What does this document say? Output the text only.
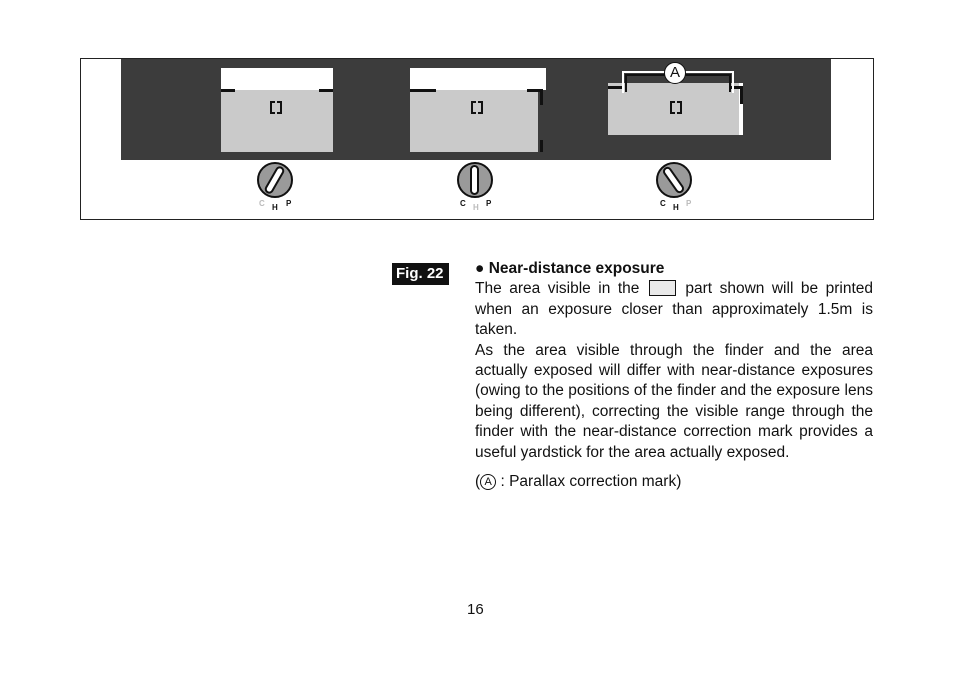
A
C H P	C H P	C H P
Fig. 22	● Near-distance exposure

The area visible in the	part shown will be printed when an exposure closer than approximately 1.5m is taken.

As the area visible through the finder and the area actually exposed will differ with near-distance exposures (owing to the positions of the finder and the exposure lens being different), correcting the visible range through the finder with the near-distance correction mark provides a useful yardstick for the area actually exposed.

( A : Parallax correction mark)

16
